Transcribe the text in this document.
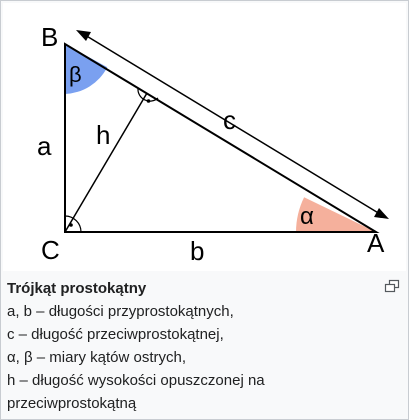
B
C	A
a
b
c
h
α
β
Trójkąt prostokątny
a, b – długości przyprostokątnych,
c – długość przeciwprostokątnej,
α, β – miary kątów ostrych,
h – długość wysokości opuszczonej na
przeciwprostokątną
